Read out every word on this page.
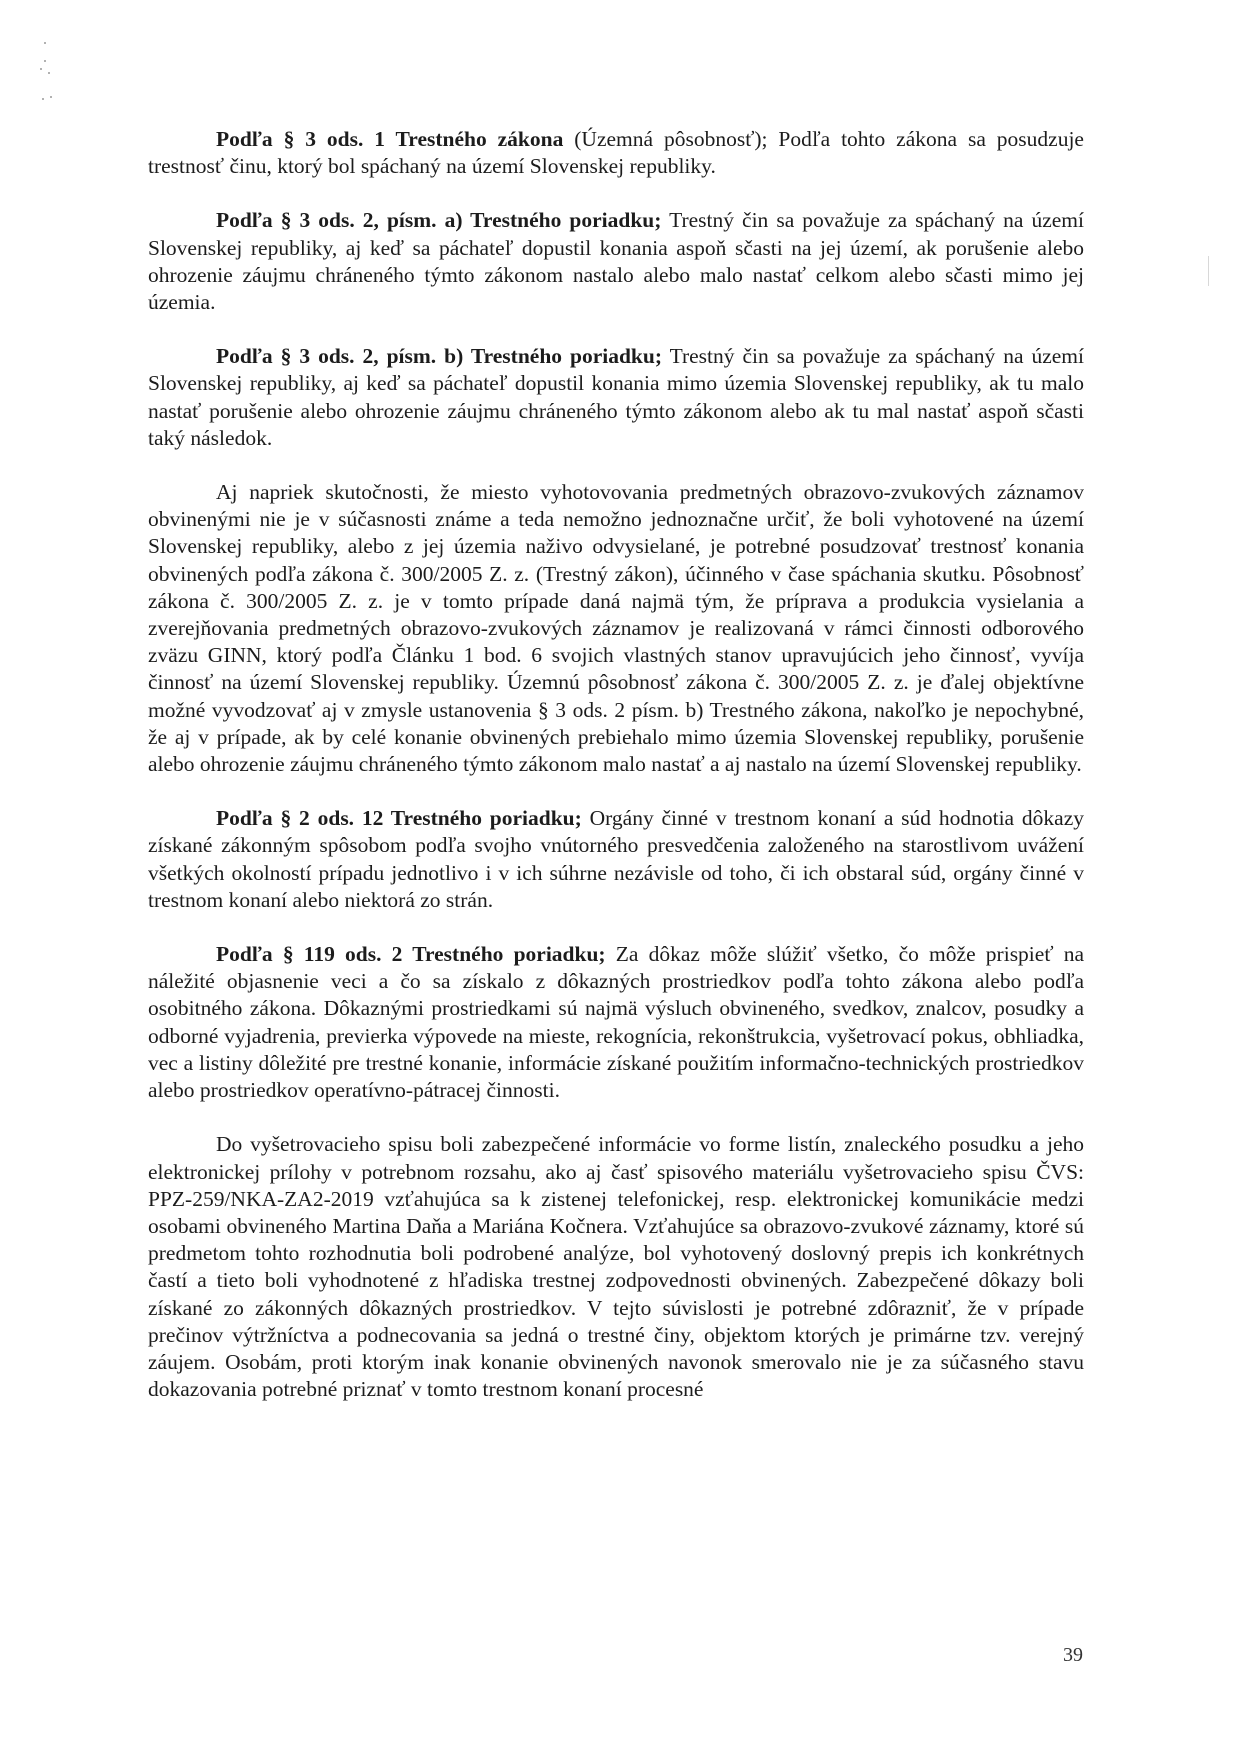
Podľa § 3 ods. 1 Trestného zákona (Územná pôsobnosť); Podľa tohto zákona sa posudzuje trestnosť činu, ktorý bol spáchaný na území Slovenskej republiky.

Podľa § 3 ods. 2, písm. a) Trestného poriadku; Trestný čin sa považuje za spáchaný na území Slovenskej republiky, aj keď sa páchateľ dopustil konania aspoň sčasti na jej území, ak porušenie alebo ohrozenie záujmu chráneného týmto zákonom nastalo alebo malo nastať celkom alebo sčasti mimo jej územia.

Podľa § 3 ods. 2, písm. b) Trestného poriadku; Trestný čin sa považuje za spáchaný na území Slovenskej republiky, aj keď sa páchateľ dopustil konania mimo územia Slovenskej republiky, ak tu malo nastať porušenie alebo ohrozenie záujmu chráneného týmto zákonom alebo ak tu mal nastať aspoň sčasti taký následok.

Aj napriek skutočnosti, že miesto vyhotovovania predmetných obrazovo-zvukových záznamov obvinenými nie je v súčasnosti známe a teda nemožno jednoznačne určiť, že boli vyhotovené na území Slovenskej republiky, alebo z jej územia naživo odvysielané, je potrebné posudzovať trestnosť konania obvinených podľa zákona č. 300/2005 Z. z. (Trestný zákon), účinného v čase spáchania skutku. Pôsobnosť zákona č. 300/2005 Z. z. je v tomto prípade daná najmä tým, že príprava a produkcia vysielania a zverejňovania predmetných obrazovo-zvukových záznamov je realizovaná v rámci činnosti odborového zväzu GINN, ktorý podľa Článku 1 bod. 6 svojich vlastných stanov upravujúcich jeho činnosť, vyvíja činnosť na území Slovenskej republiky. Územnú pôsobnosť zákona č. 300/2005 Z. z. je ďalej objektívne možné vyvodzovať aj v zmysle ustanovenia § 3 ods. 2 písm. b) Trestného zákona, nakoľko je nepochybné, že aj v prípade, ak by celé konanie obvinených prebiehalo mimo územia Slovenskej republiky, porušenie alebo ohrozenie záujmu chráneného týmto zákonom malo nastať a aj nastalo na území Slovenskej republiky.

Podľa § 2 ods. 12 Trestného poriadku; Orgány činné v trestnom konaní a súd hodnotia dôkazy získané zákonným spôsobom podľa svojho vnútorného presvedčenia založeného na starostlivom uvážení všetkých okolností prípadu jednotlivo i v ich súhrne nezávisle od toho, či ich obstaral súd, orgány činné v trestnom konaní alebo niektorá zo strán.

Podľa § 119 ods. 2 Trestného poriadku; Za dôkaz môže slúžiť všetko, čo môže prispieť na náležité objasnenie veci a čo sa získalo z dôkazných prostriedkov podľa tohto zákona alebo podľa osobitného zákona. Dôkaznými prostriedkami sú najmä výsluch obvineného, svedkov, znalcov, posudky a odborné vyjadrenia, previerka výpovede na mieste, rekognícia, rekonštrukcia, vyšetrovací pokus, obhliadka, vec a listiny dôležité pre trestné konanie, informácie získané použitím informačno-technických prostriedkov alebo prostriedkov operatívno-pátracej činnosti.

Do vyšetrovacieho spisu boli zabezpečené informácie vo forme listín, znaleckého posudku a jeho elektronickej prílohy v potrebnom rozsahu, ako aj časť spisového materiálu vyšetrovacieho spisu ČVS: PPZ-259/NKA-ZA2-2019 vzťahujúca sa k zistenej telefonickej, resp. elektronickej komunikácie medzi osobami obvineného Martina Daňa a Mariána Kočnera. Vzťahujúce sa obrazovo-zvukové záznamy, ktoré sú predmetom tohto rozhodnutia boli podrobené analýze, bol vyhotovený doslovný prepis ich konkrétnych častí a tieto boli vyhodnotené z hľadiska trestnej zodpovednosti obvinených. Zabezpečené dôkazy boli získané zo zákonných dôkazných prostriedkov. V tejto súvislosti je potrebné zdôrazniť, že v prípade prečinov výtržníctva a podnecovania sa jedná o trestné činy, objektom ktorých je primárne tzv. verejný záujem. Osobám, proti ktorým inak konanie obvinených navonok smerovalo nie je za súčasného stavu dokazovania potrebné priznať v tomto trestnom konaní procesné

39
